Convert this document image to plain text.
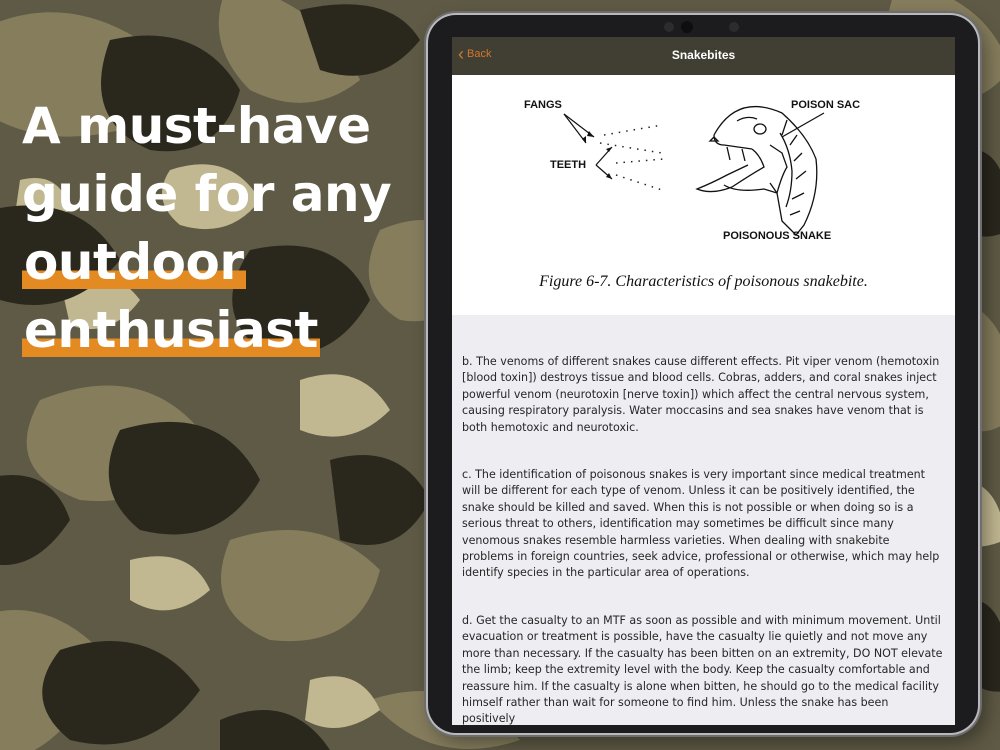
A must-have
guide for any
outdoor
enthusiast
‹ Back	Snakebites
FANGS
TEETH
POISON SAC
POISONOUS SNAKE
Figure 6-7. Characteristics of poisonous snakebite.

b. The venoms of different snakes cause different effects. Pit viper venom (hemotoxin [blood toxin]) destroys tissue and blood cells. Cobras, adders, and coral snakes inject powerful venom (neurotoxin [nerve toxin]) which affect the central nervous system, causing respiratory paralysis. Water moccasins and sea snakes have venom that is both hemotoxic and neurotoxic.

c. The identification of poisonous snakes is very important since medical treatment will be different for each type of venom. Unless it can be positively identified, the snake should be killed and saved. When this is not possible or when doing so is a serious threat to others, identification may sometimes be difficult since many venomous snakes resemble harmless varieties. When dealing with snakebite problems in foreign countries, seek advice, professional or otherwise, which may help identify species in the particular area of operations.

d. Get the casualty to an MTF as soon as possible and with minimum movement. Until evacuation or treatment is possible, have the casualty lie quietly and not move any more than necessary. If the casualty has been bitten on an extremity, DO NOT elevate the limb; keep the extremity level with the body. Keep the casualty comfortable and reassure him. If the casualty is alone when bitten, he should go to the medical facility himself rather than wait for someone to find him. Unless the snake has been positively
